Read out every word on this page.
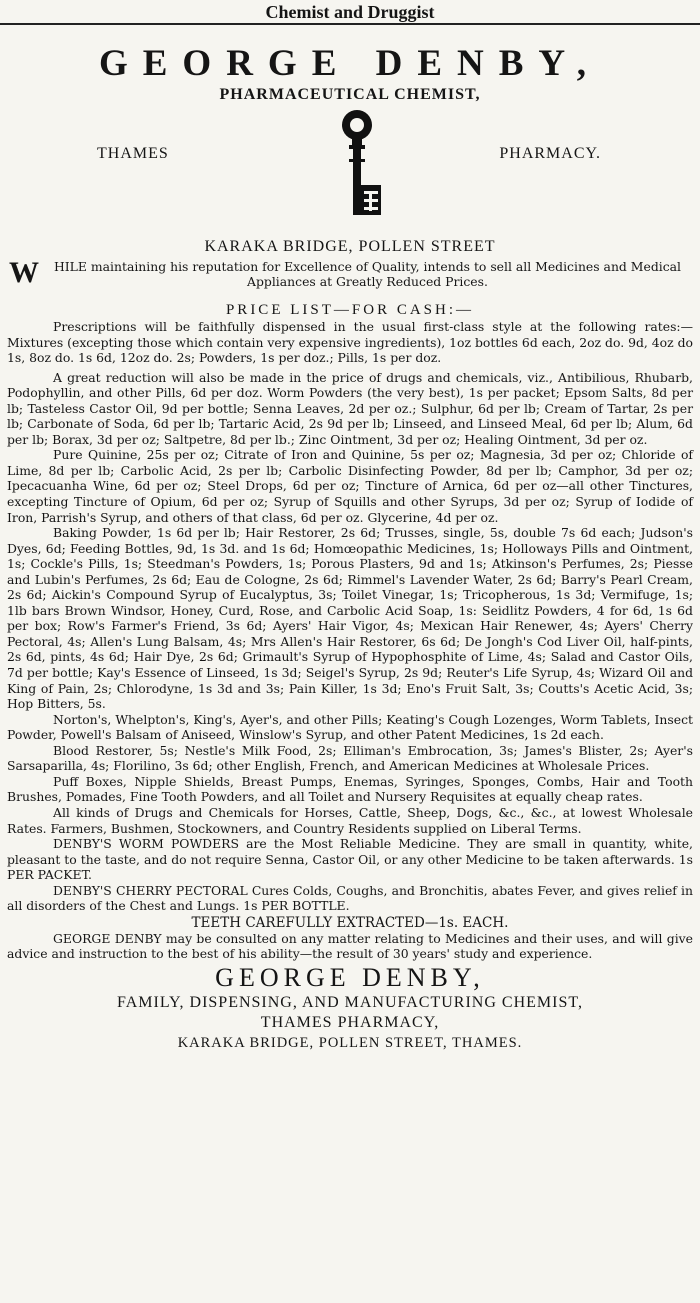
Chemist and Druggist
GEORGE DENBY,
PHARMACEUTICAL CHEMIST,
THAMES	PHARMACY.
KARAKA BRIDGE, POLLEN STREET
W HILE maintaining his reputation for Excellence of Quality, intends to sell all Medicines and Medical Appliances at Greatly Reduced Prices.
PRICE LIST—FOR CASH:—

Prescriptions will be faithfully dispensed in the usual first-class style at the following rates:—Mixtures (excepting those which contain very expensive ingredients), 1oz bottles 6d each, 2oz do. 9d, 4oz do 1s, 8oz do. 1s 6d, 12oz do. 2s; Powders, 1s per doz.; Pills, 1s per doz.

A great reduction will also be made in the price of drugs and chemicals, viz., Antibilious, Rhubarb, Podophyllin, and other Pills, 6d per doz. Worm Powders (the very best), 1s per packet; Epsom Salts, 8d per lb; Tasteless Castor Oil, 9d per bottle; Senna Leaves, 2d per oz.; Sulphur, 6d per lb; Cream of Tartar, 2s per lb; Carbonate of Soda, 6d per lb; Tartaric Acid, 2s 9d per lb; Linseed, and Linseed Meal, 6d per lb; Alum, 6d per lb; Borax, 3d per oz; Saltpetre, 8d per lb.; Zinc Ointment, 3d per oz; Healing Ointment, 3d per oz.

Pure Quinine, 25s per oz; Citrate of Iron and Quinine, 5s per oz; Magnesia, 3d per oz; Chloride of Lime, 8d per lb; Carbolic Acid, 2s per lb; Carbolic Disinfecting Powder, 8d per lb; Camphor, 3d per oz; Ipecacuanha Wine, 6d per oz; Steel Drops, 6d per oz; Tincture of Arnica, 6d per oz—all other Tinctures, excepting Tincture of Opium, 6d per oz; Syrup of Squills and other Syrups, 3d per oz; Syrup of Iodide of Iron, Parrish's Syrup, and others of that class, 6d per oz. Glycerine, 4d per oz.

Baking Powder, 1s 6d per lb; Hair Restorer, 2s 6d; Trusses, single, 5s, double 7s 6d each; Judson's Dyes, 6d; Feeding Bottles, 9d, 1s 3d. and 1s 6d; Homœopathic Medicines, 1s; Holloways Pills and Ointment, 1s; Cockle's Pills, 1s; Steedman's Powders, 1s; Porous Plasters, 9d and 1s; Atkinson's Perfumes, 2s; Piesse and Lubin's Perfumes, 2s 6d; Eau de Cologne, 2s 6d; Rimmel's Lavender Water, 2s 6d; Barry's Pearl Cream, 2s 6d; Aickin's Compound Syrup of Eucalyptus, 3s; Toilet Vinegar, 1s; Tricopherous, 1s 3d; Vermifuge, 1s; 1lb bars Brown Windsor, Honey, Curd, Rose, and Carbolic Acid Soap, 1s: Seidlitz Powders, 4 for 6d, 1s 6d per box; Row's Farmer's Friend, 3s 6d; Ayers' Hair Vigor, 4s; Mexican Hair Renewer, 4s; Ayers' Cherry Pectoral, 4s; Allen's Lung Balsam, 4s; Mrs Allen's Hair Restorer, 6s 6d; De Jongh's Cod Liver Oil, half-pints, 2s 6d, pints, 4s 6d; Hair Dye, 2s 6d; Grimault's Syrup of Hypophosphite of Lime, 4s; Salad and Castor Oils, 7d per bottle; Kay's Essence of Linseed, 1s 3d; Seigel's Syrup, 2s 9d; Reuter's Life Syrup, 4s; Wizard Oil and King of Pain, 2s; Chlorodyne, 1s 3d and 3s; Pain Killer, 1s 3d; Eno's Fruit Salt, 3s; Coutts's Acetic Acid, 3s; Hop Bitters, 5s.

Norton's, Whelpton's, King's, Ayer's, and other Pills; Keating's Cough Lozenges, Worm Tablets, Insect Powder, Powell's Balsam of Aniseed, Winslow's Syrup, and other Patent Medicines, 1s 2d each.

Blood Restorer, 5s; Nestle's Milk Food, 2s; Elliman's Embrocation, 3s; James's Blister, 2s; Ayer's Sarsaparilla, 4s; Florilino, 3s 6d; other English, French, and American Medicines at Wholesale Prices.

Puff Boxes, Nipple Shields, Breast Pumps, Enemas, Syringes, Sponges, Combs, Hair and Tooth Brushes, Pomades, Fine Tooth Powders, and all Toilet and Nursery Requisites at equally cheap rates.

All kinds of Drugs and Chemicals for Horses, Cattle, Sheep, Dogs, &c., &c., at lowest Wholesale Rates. Farmers, Bushmen, Stockowners, and Country Residents supplied on Liberal Terms.

DENBY'S WORM POWDERS are the Most Reliable Medicine. They are small in quantity, white, pleasant to the taste, and do not require Senna, Castor Oil, or any other Medicine to be taken afterwards. 1s PER PACKET.

DENBY'S CHERRY PECTORAL Cures Colds, Coughs, and Bronchitis, abates Fever, and gives relief in all disorders of the Chest and Lungs. 1s PER BOTTLE.

TEETH CAREFULLY EXTRACTED—1s. EACH.

GEORGE DENBY may be consulted on any matter relating to Medicines and their uses, and will give advice and instruction to the best of his ability—the result of 30 years' study and experience.

GEORGE DENBY,
FAMILY, DISPENSING, AND MANUFACTURING CHEMIST,
THAMES PHARMACY,
KARAKA BRIDGE, POLLEN STREET, THAMES.
